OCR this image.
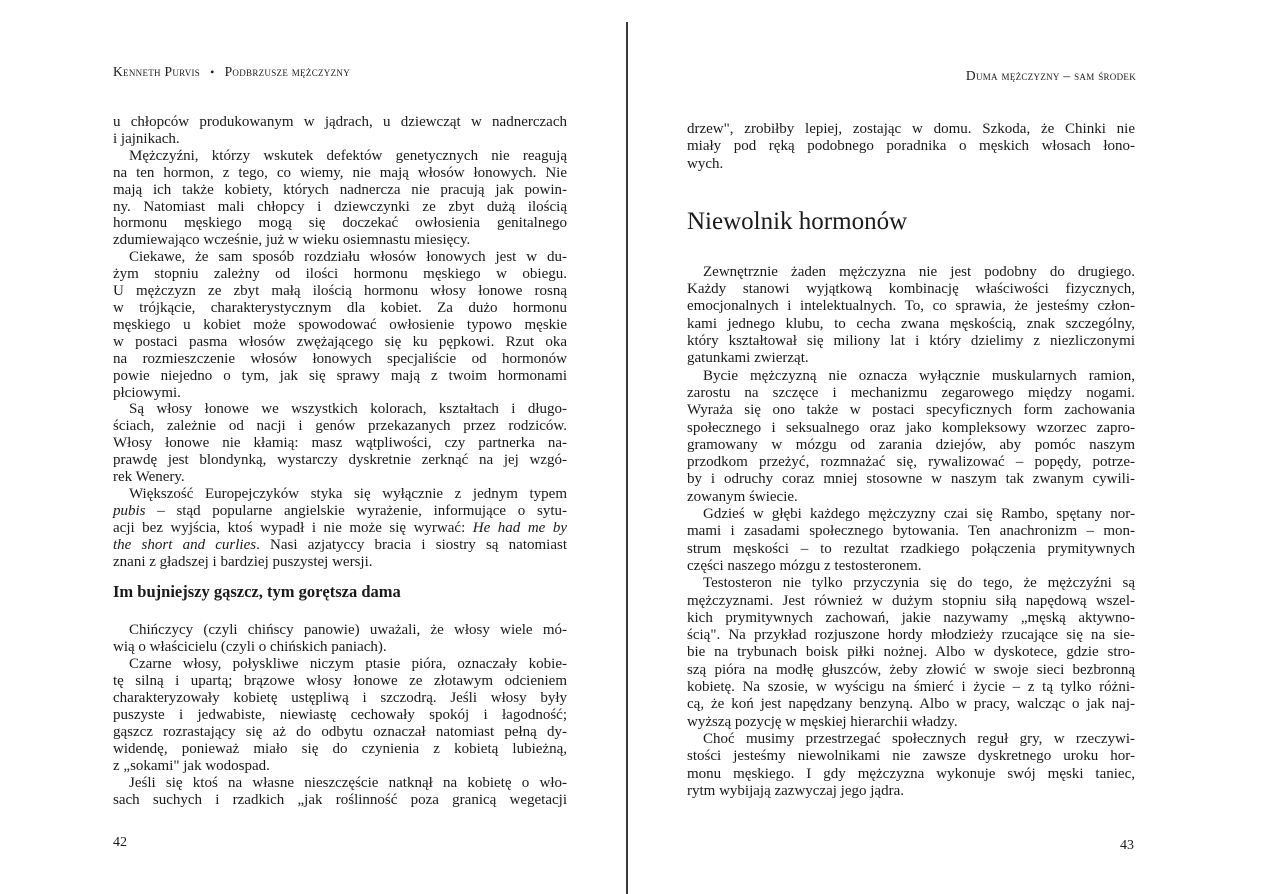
Kenneth Purvis • Podbrzusze mężczyzny	Duma mężczyzny – sam środek
u chłopców produkowanym w jądrach, u dziewcząt w nadnerczach
i jajnikach.
Mężczyźni, którzy wskutek defektów genetycznych nie reagują
na ten hormon, z tego, co wiemy, nie mają włosów łonowych. Nie
mają ich także kobiety, których nadnercza nie pracują jak powin-
ny. Natomiast mali chłopcy i dziewczynki ze zbyt dużą ilością
hormonu męskiego mogą się doczekać owłosienia genitalnego
zdumiewająco wcześnie, już w wieku osiemnastu miesięcy.
Ciekawe, że sam sposób rozdziału włosów łonowych jest w du-
żym stopniu zależny od ilości hormonu męskiego w obiegu.
U mężczyzn ze zbyt małą ilością hormonu włosy łonowe rosną
w trójkącie, charakterystycznym dla kobiet. Za dużo hormonu
męskiego u kobiet może spowodować owłosienie typowo męskie
w postaci pasma włosów zwężającego się ku pępkowi. Rzut oka
na rozmieszczenie włosów łonowych specjaliście od hormonów
powie niejedno o tym, jak się sprawy mają z twoim hormonami
płciowymi.
Są włosy łonowe we wszystkich kolorach, kształtach i długo-
ściach, zależnie od nacji i genów przekazanych przez rodziców.
Włosy łonowe nie kłamią: masz wątpliwości, czy partnerka na-
prawdę jest blondynką, wystarczy dyskretnie zerknąć na jej wzgó-
rek Wenery.
Większość Europejczyków styka się wyłącznie z jednym typem
pubis – stąd popularne angielskie wyrażenie, informujące o sytu-
acji bez wyjścia, ktoś wypadł i nie może się wyrwać: He had me by
the short and curlies. Nasi azjatyccy bracia i siostry są natomiast
znani z gładszej i bardziej puszystej wersji.
Im bujniejszy gąszcz, tym gorętsza dama
Chińczycy (czyli chińscy panowie) uważali, że włosy wiele mó-
wią o właścicielu (czyli o chińskich paniach).
Czarne włosy, połyskliwe niczym ptasie pióra, oznaczały kobie-
tę silną i upartą; brązowe włosy łonowe ze złotawym odcieniem
charakteryzowały kobietę ustępliwą i szczodrą. Jeśli włosy były
puszyste i jedwabiste, niewiastę cechowały spokój i łagodność;
gąszcz rozrastający się aż do odbytu oznaczał natomiast pełną dy-
widendę, ponieważ miało się do czynienia z kobietą lubieżną,
z „sokami" jak wodospad.
Jeśli się ktoś na własne nieszczęście natknął na kobietę o wło-
sach suchych i rzadkich „jak roślinność poza granicą wegetacji
drzew", zrobiłby lepiej, zostając w domu. Szkoda, że Chinki nie
miały pod ręką podobnego poradnika o męskich włosach łono-
wych.
Niewolnik hormonów
Zewnętrznie żaden mężczyzna nie jest podobny do drugiego.
Każdy stanowi wyjątkową kombinację właściwości fizycznych,
emocjonalnych i intelektualnych. To, co sprawia, że jesteśmy człon-
kami jednego klubu, to cecha zwana męskością, znak szczególny,
który kształtował się miliony lat i który dzielimy z niezliczonymi
gatunkami zwierząt.
Bycie mężczyzną nie oznacza wyłącznie muskularnych ramion,
zarostu na szczęce i mechanizmu zegarowego między nogami.
Wyraża się ono także w postaci specyficznych form zachowania
społecznego i seksualnego oraz jako kompleksowy wzorzec zapro-
gramowany w mózgu od zarania dziejów, aby pomóc naszym
przodkom przeżyć, rozmnażać się, rywalizować – popędy, potrze-
by i odruchy coraz mniej stosowne w naszym tak zwanym cywili-
zowanym świecie.
Gdzieś w głębi każdego mężczyzny czai się Rambo, spętany nor-
mami i zasadami społecznego bytowania. Ten anachronizm – mon-
strum męskości – to rezultat rzadkiego połączenia prymitywnych
części naszego mózgu z testosteronem.
Testosteron nie tylko przyczynia się do tego, że mężczyźni są
mężczyznami. Jest również w dużym stopniu siłą napędową wszel-
kich prymitywnych zachowań, jakie nazywamy „męską aktywno-
ścią". Na przykład rozjuszone hordy młodzieży rzucające się na sie-
bie na trybunach boisk piłki nożnej. Albo w dyskotece, gdzie stro-
szą pióra na modłę głuszców, żeby złowić w swoje sieci bezbronną
kobietę. Na szosie, w wyścigu na śmierć i życie – z tą tylko różni-
cą, że koń jest napędzany benzyną. Albo w pracy, walcząc o jak naj-
wyższą pozycję w męskiej hierarchii władzy.
Choć musimy przestrzegać społecznych reguł gry, w rzeczywi-
stości jesteśmy niewolnikami nie zawsze dyskretnego uroku hor-
monu męskiego. I gdy mężczyzna wykonuje swój męski taniec,
rytm wybijają zazwyczaj jego jądra.
42	43
